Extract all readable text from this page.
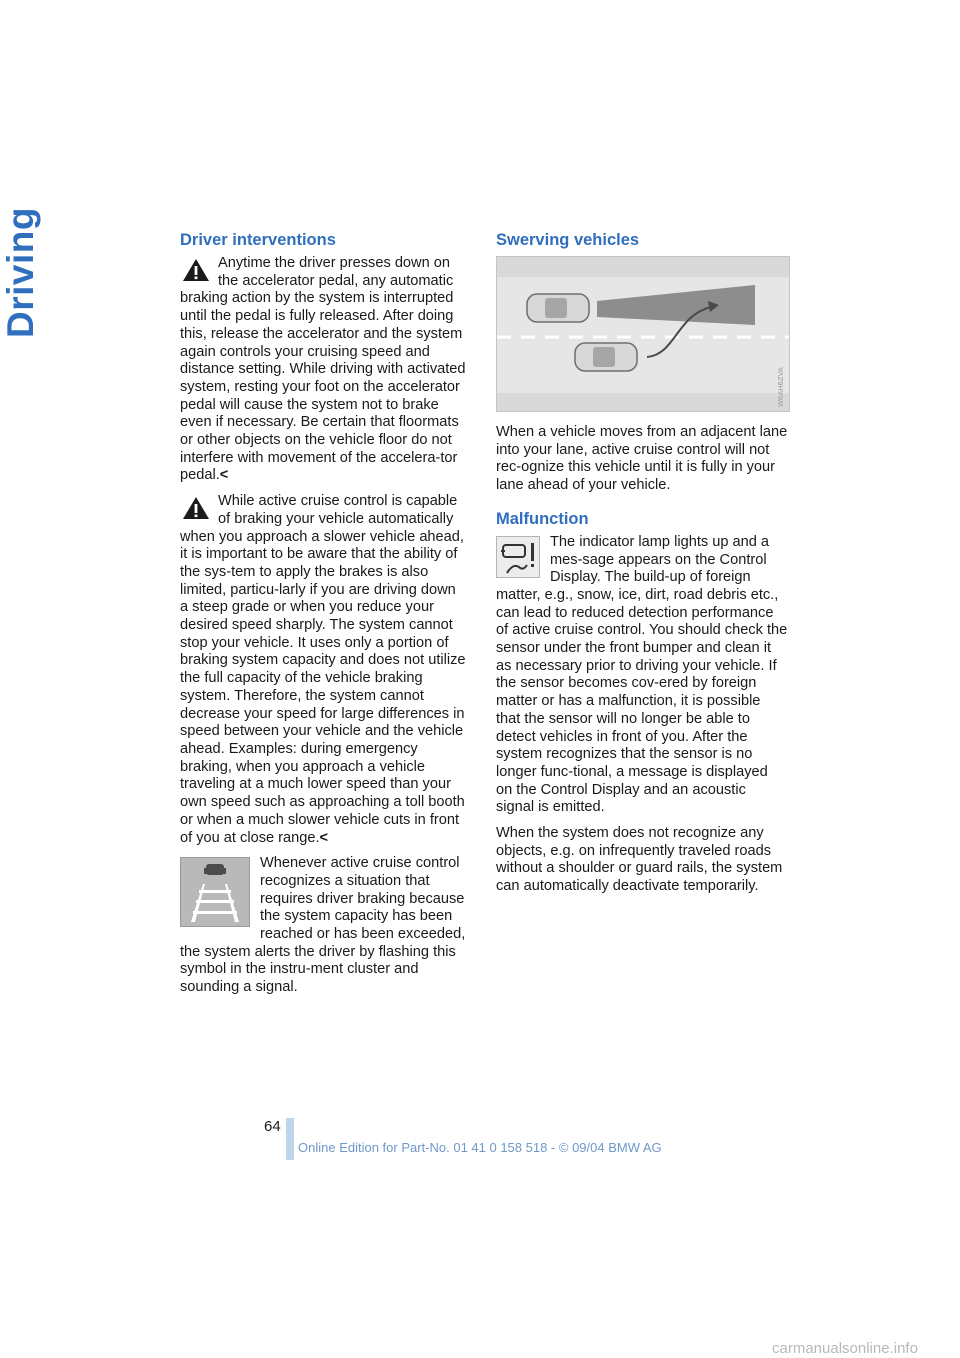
Driving	Driver interventions

Anytime the driver presses down on the accelerator pedal, any automatic braking action by the system is interrupted until the pedal is fully released. After doing this, release the accelerator and the system again controls your cruising speed and distance setting. While driving with activated system, resting your foot on the accelerator pedal will cause the system not to brake even if necessary. Be certain that floormats or other objects on the vehicle floor do not interfere with movement of the accelera-tor pedal.<

While active cruise control is capable of braking your vehicle automatically when you approach a slower vehicle ahead, it is important to be aware that the ability of the sys-tem to apply the brakes is also limited, particu-larly if you are driving down a steep grade or when you reduce your desired speed sharply. The system cannot stop your vehicle. It uses only a portion of braking system capacity and does not utilize the full capacity of the vehicle braking system. Therefore, the system cannot decrease your speed for large differences in speed between your vehicle and the vehicle ahead. Examples: during emergency braking, when you approach a vehicle traveling at a much lower speed than your own speed such as approaching a toll booth or when a much slower vehicle cuts in front of you at close range.<

Whenever active cruise control recognizes a situation that requires driver braking because the system capacity has been reached or has been exceeded, the system alerts the driver by flashing this symbol in the instru-ment cluster and sounding a signal.

Swerving vehicles
W6AH6ZVA

When a vehicle moves from an adjacent lane into your lane, active cruise control will not rec-ognize this vehicle until it is fully in your lane ahead of your vehicle.

Malfunction

The indicator lamp lights up and a mes-sage appears on the Control Display. The build-up of foreign matter, e.g., snow, ice, dirt, road debris etc., can lead to reduced detection performance of active cruise control. You should check the sensor under the front bumper and clean it as necessary prior to driving your vehicle. If the sensor becomes cov-ered by foreign matter or has a malfunction, it is possible that the sensor will no longer be able to detect vehicles in front of you. After the system recognizes that the sensor is no longer func-tional, a message is displayed on the Control Display and an acoustic signal is emitted.

When the system does not recognize any objects, e.g. on infrequently traveled roads without a shoulder or guard rails, the system can automatically deactivate temporarily.

64
Online Edition for Part-No. 01 41 0 158 518 - © 09/04 BMW AG
carmanualsonline.info
